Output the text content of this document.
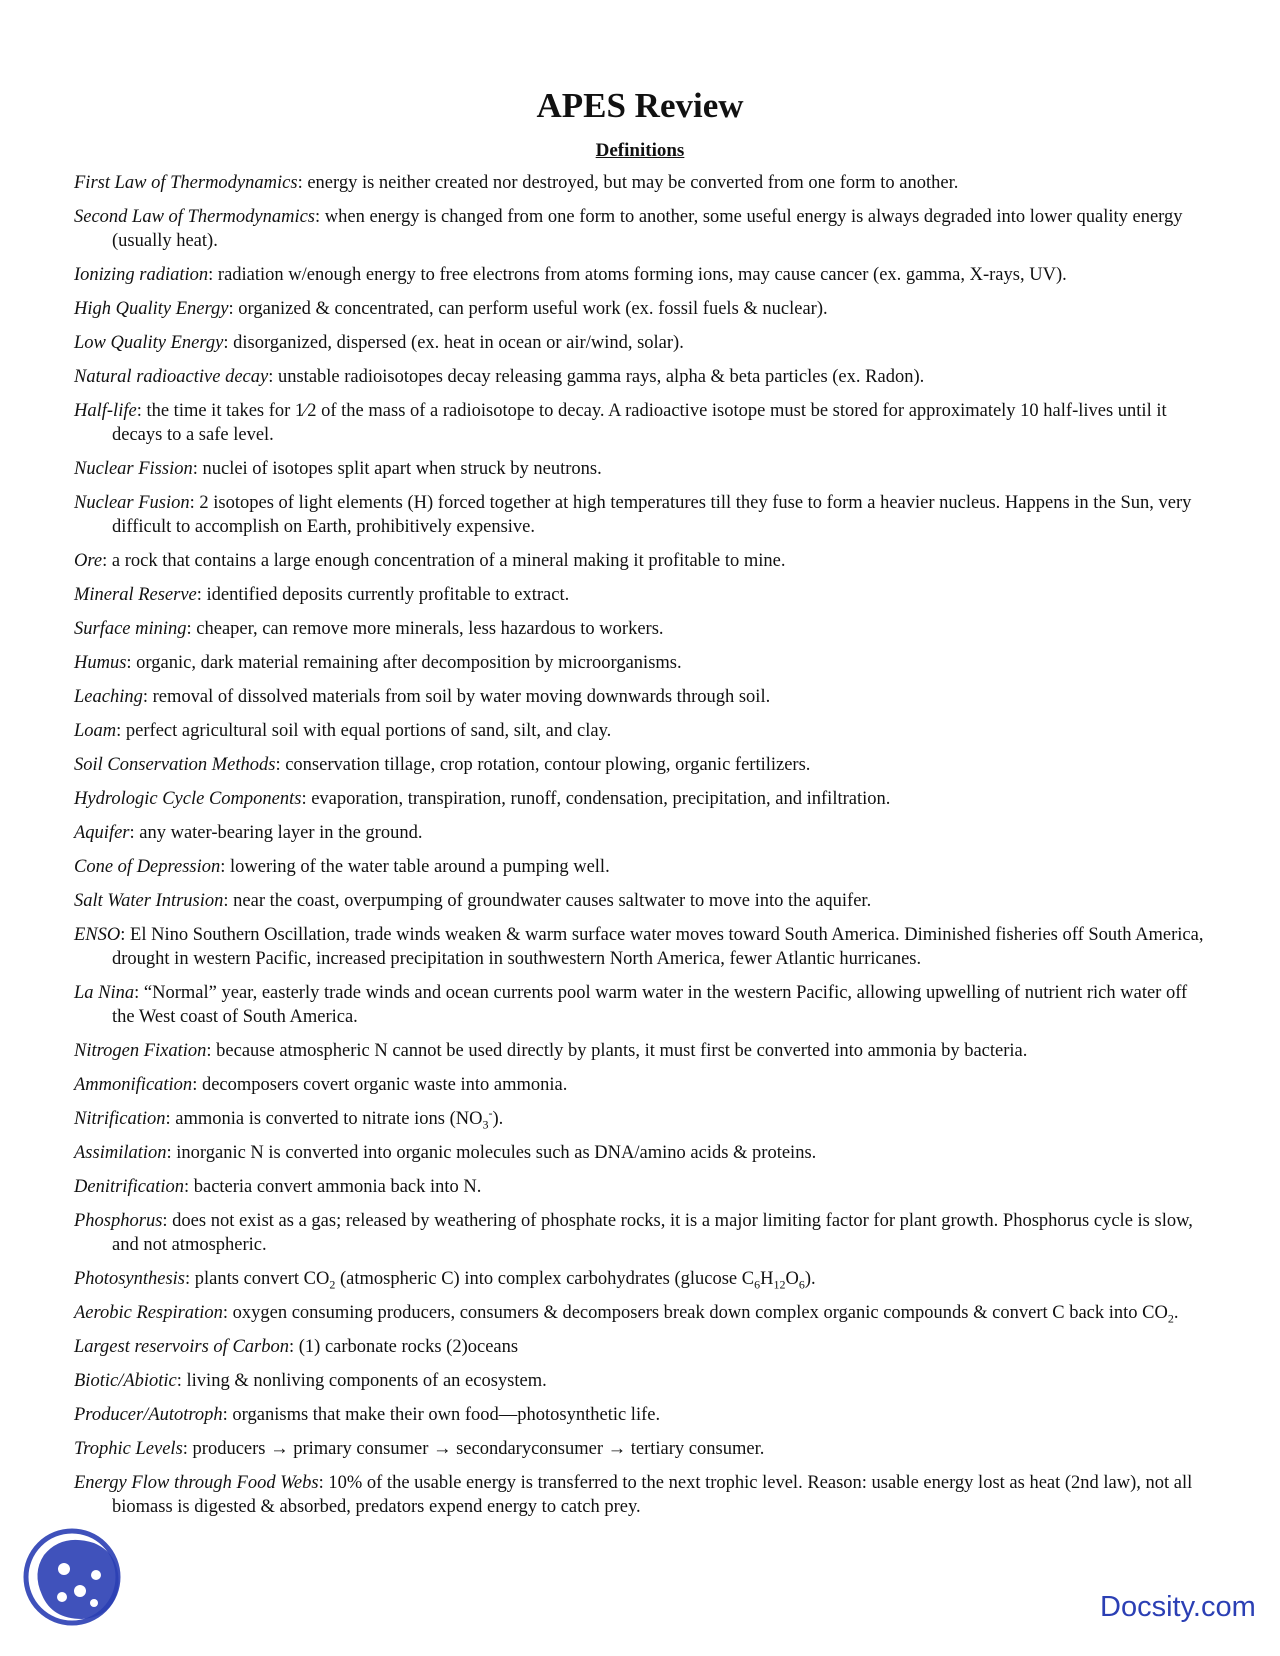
APES Review
Definitions

First Law of Thermodynamics: energy is neither created nor destroyed, but may be converted from one form to another.

Second Law of Thermodynamics: when energy is changed from one form to another, some useful energy is always degraded into lower quality energy (usually heat).

Ionizing radiation: radiation w/enough energy to free electrons from atoms forming ions, may cause cancer (ex. gamma, X-rays, UV).

High Quality Energy: organized & concentrated, can perform useful work (ex. fossil fuels & nuclear).

Low Quality Energy: disorganized, dispersed (ex. heat in ocean or air/wind, solar).

Natural radioactive decay: unstable radioisotopes decay releasing gamma rays, alpha & beta particles (ex. Radon).

Half-life: the time it takes for 1⁄2 of the mass of a radioisotope to decay. A radioactive isotope must be stored for approximately 10 half-lives until it decays to a safe level.

Nuclear Fission: nuclei of isotopes split apart when struck by neutrons.

Nuclear Fusion: 2 isotopes of light elements (H) forced together at high temperatures till they fuse to form a heavier nucleus. Happens in the Sun, very difficult to accomplish on Earth, prohibitively expensive.

Ore: a rock that contains a large enough concentration of a mineral making it profitable to mine.

Mineral Reserve: identified deposits currently profitable to extract.

Surface mining: cheaper, can remove more minerals, less hazardous to workers.

Humus: organic, dark material remaining after decomposition by microorganisms.

Leaching: removal of dissolved materials from soil by water moving downwards through soil.

Loam: perfect agricultural soil with equal portions of sand, silt, and clay.

Soil Conservation Methods: conservation tillage, crop rotation, contour plowing, organic fertilizers.

Hydrologic Cycle Components: evaporation, transpiration, runoff, condensation, precipitation, and infiltration.

Aquifer: any water-bearing layer in the ground.

Cone of Depression: lowering of the water table around a pumping well.

Salt Water Intrusion: near the coast, overpumping of groundwater causes saltwater to move into the aquifer.

ENSO: El Nino Southern Oscillation, trade winds weaken & warm surface water moves toward South America. Diminished fisheries off South America, drought in western Pacific, increased precipitation in southwestern North America, fewer Atlantic hurricanes.

La Nina: “Normal” year, easterly trade winds and ocean currents pool warm water in the western Pacific, allowing upwelling of nutrient rich water off the West coast of South America.

Nitrogen Fixation: because atmospheric N cannot be used directly by plants, it must first be converted into ammonia by bacteria.

Ammonification: decomposers covert organic waste into ammonia.

Nitrification: ammonia is converted to nitrate ions $(NO_3^-)$.

Assimilation: inorganic N is converted into organic molecules such as DNA/amino acids & proteins.

Denitrification: bacteria convert ammonia back into N.

Phosphorus: does not exist as a gas; released by weathering of phosphate rocks, it is a major limiting factor for plant growth. Phosphorus cycle is slow, and not atmospheric.

Photosynthesis: plants convert $CO_2$ (atmospheric C) into complex carbohydrates (glucose $C_6H_{12}O_6$).

Aerobic Respiration: oxygen consuming producers, consumers & decomposers break down complex organic compounds & convert C back into $CO_2$.

Largest reservoirs of Carbon: (1) carbonate rocks (2)oceans

Biotic/Abiotic: living & nonliving components of an ecosystem.

Producer/Autotroph: organisms that make their own food—photosynthetic life.

Trophic Levels: producers → primary consumer → secondaryconsumer → tertiary consumer.

Energy Flow through Food Webs: 10% of the usable energy is transferred to the next trophic level. Reason: usable energy lost as heat (2nd law), not all biomass is digested & absorbed, predators expend energy to catch prey.

Docsity.com
